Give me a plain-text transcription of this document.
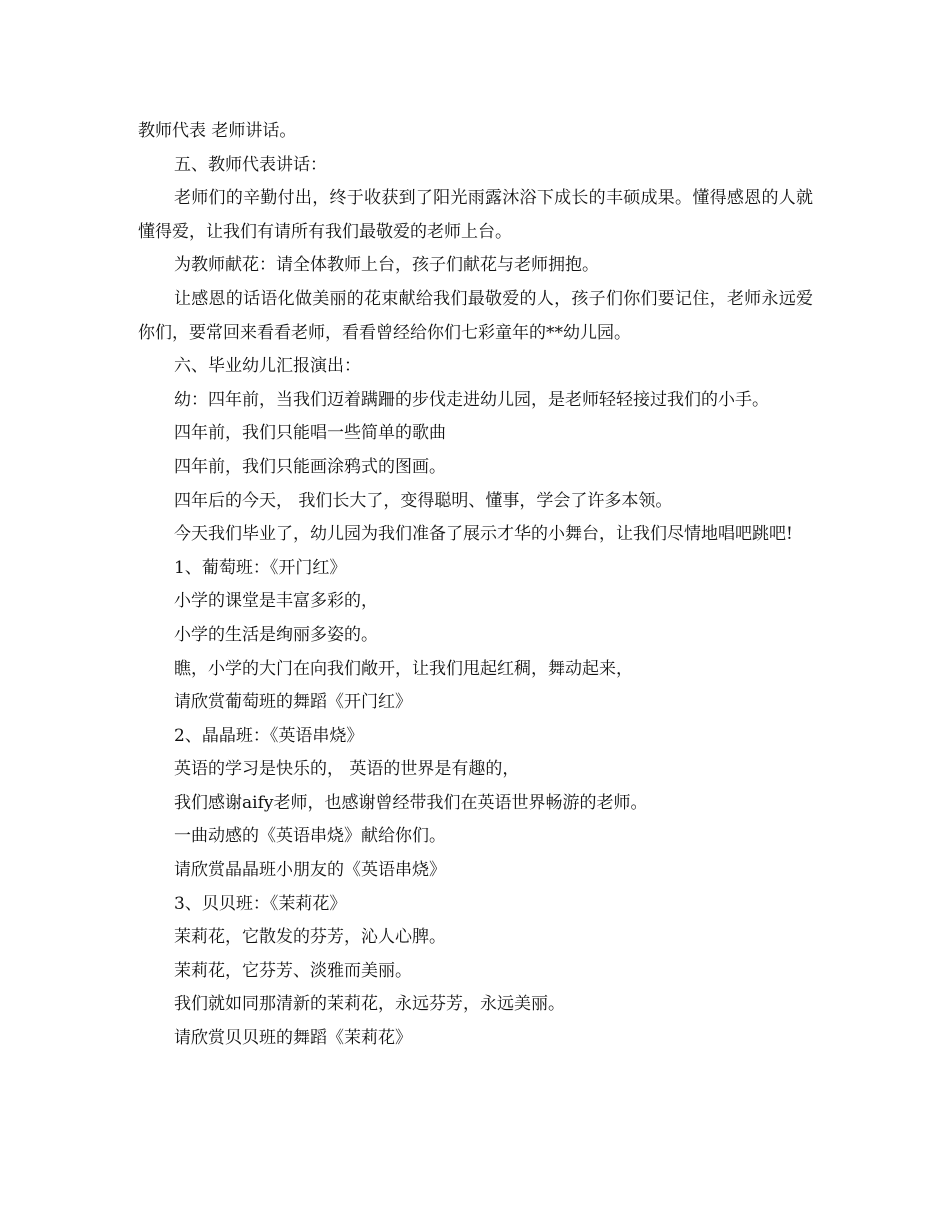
教师代表 老师讲话。

五、教师代表讲话：

老师们的辛勤付出，终于收获到了阳光雨露沐浴下成长的丰硕成果。懂得感恩的人就懂得爱，让我们有请所有我们最敬爱的老师上台。

为教师献花：请全体教师上台，孩子们献花与老师拥抱。

让感恩的话语化做美丽的花束献给我们最敬爱的人，孩子们你们要记住，老师永远爱你们，要常回来看看老师，看看曾经给你们七彩童年的**幼儿园。

六、毕业幼儿汇报演出：

幼：四年前，当我们迈着蹒跚的步伐走进幼儿园，是老师轻轻接过我们的小手。

四年前，我们只能唱一些简单的歌曲

四年前，我们只能画涂鸦式的图画。

四年后的今天， 我们长大了，变得聪明、懂事，学会了许多本领。

今天我们毕业了，幼儿园为我们准备了展示才华的小舞台，让我们尽情地唱吧跳吧!

1、葡萄班：《开门红》

小学的课堂是丰富多彩的，

小学的生活是绚丽多姿的。

瞧，小学的大门在向我们敞开，让我们甩起红稠，舞动起来，

请欣赏葡萄班的舞蹈《开门红》

2、晶晶班：《英语串烧》

英语的学习是快乐的， 英语的世界是有趣的，

我们感谢aify老师，也感谢曾经带我们在英语世界畅游的老师。

一曲动感的《英语串烧》献给你们。

请欣赏晶晶班小朋友的《英语串烧》

3、贝贝班：《茉莉花》

茉莉花，它散发的芬芳，沁人心脾。

茉莉花，它芬芳、淡雅而美丽。

我们就如同那清新的茉莉花，永远芬芳，永远美丽。

请欣赏贝贝班的舞蹈《茉莉花》
